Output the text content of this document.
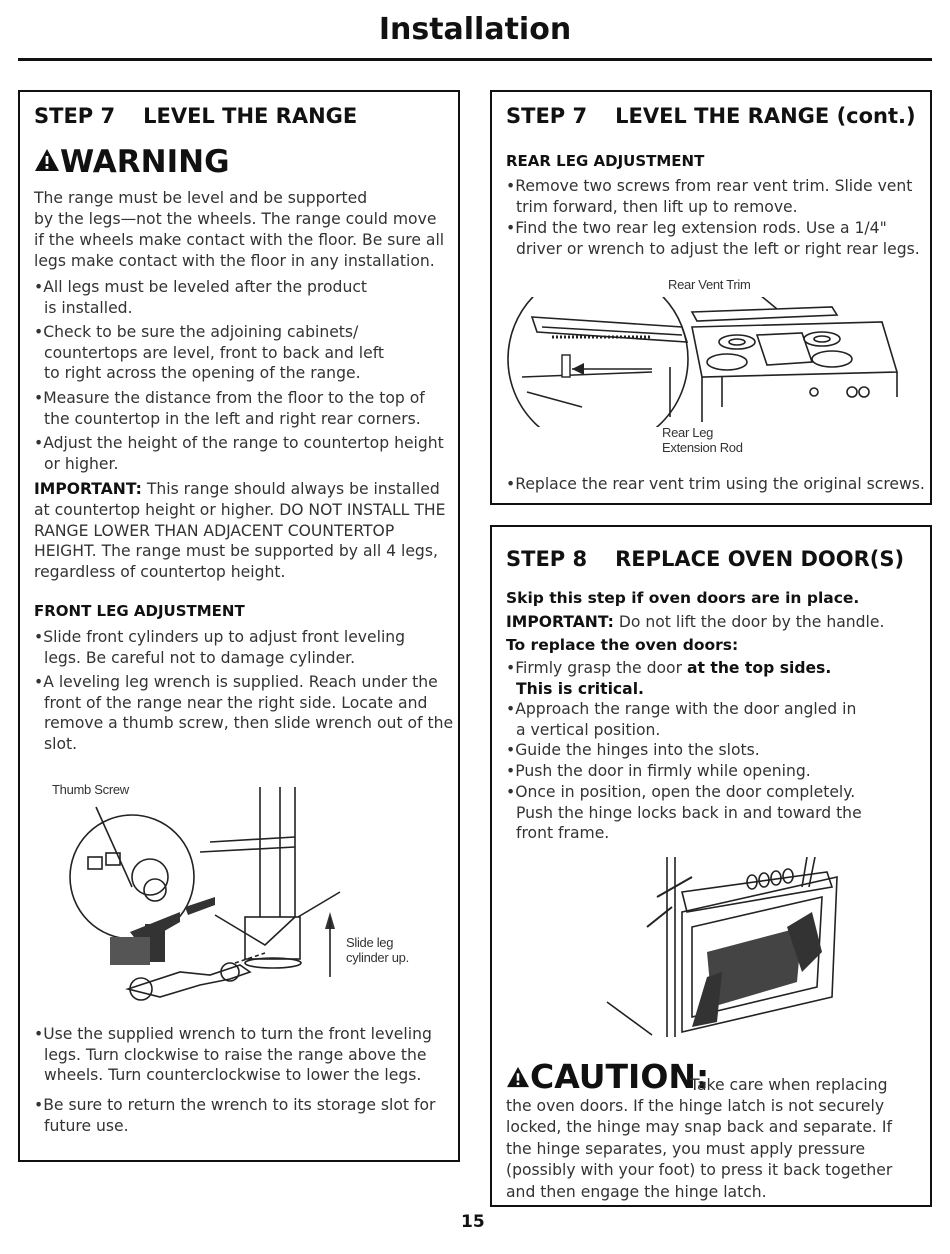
Installation
STEP 7 LEVEL THE RANGE
WARNING
The range must be level and be supported
by the legs—not the wheels. The range could move
if the wheels make contact with the floor. Be sure all
legs make contact with the floor in any installation.
•All legs must be leveled after the product is installed.
•Check to be sure the adjoining cabinets/ countertops are level, front to back and left to right across the opening of the range.
•Measure the distance from the floor to the top of the countertop in the left and right rear corners.
•Adjust the height of the range to countertop height or higher.
IMPORTANT: This range should always be installed at countertop height or higher. DO NOT INSTALL THE RANGE LOWER THAN ADJACENT COUNTERTOP HEIGHT. The range must be supported by all 4 legs, regardless of countertop height.
FRONT LEG ADJUSTMENT
•Slide front cylinders up to adjust front leveling legs. Be careful not to damage cylinder.
•A leveling leg wrench is supplied. Reach under the front of the range near the right side. Locate and remove a thumb screw, then slide wrench out of the slot.
Thumb Screw
Slide leg
cylinder up.
•Use the supplied wrench to turn the front leveling legs. Turn clockwise to raise the range above the wheels. Turn counterclockwise to lower the legs.
•Be sure to return the wrench to its storage slot for future use.
STEP 7 LEVEL THE RANGE (cont.)
REAR LEG ADJUSTMENT
•Remove two screws from rear vent trim. Slide vent trim forward, then lift up to remove.
•Find the two rear leg extension rods. Use a 1/4" driver or wrench to adjust the left or right rear legs.
Rear Vent Trim
Rear Leg
Extension Rod
•Replace the rear vent trim using the original screws.
STEP 8 REPLACE OVEN DOOR(S)
Skip this step if oven doors are in place.
IMPORTANT: Do not lift the door by the handle.
To replace the oven doors:
•Firmly grasp the door at the top sides.
This is critical.
•Approach the range with the door angled in a vertical position.
•Guide the hinges into the slots.
•Push the door in firmly while opening.
•Once in position, open the door completely. Push the hinge locks back in and toward the front frame.
CAUTION:
Take care when replacing
the oven doors. If the hinge latch is not securely locked, the hinge may snap back and separate. If the hinge separates, you must apply pressure (possibly with your foot) to press it back together and then engage the hinge latch.
15
